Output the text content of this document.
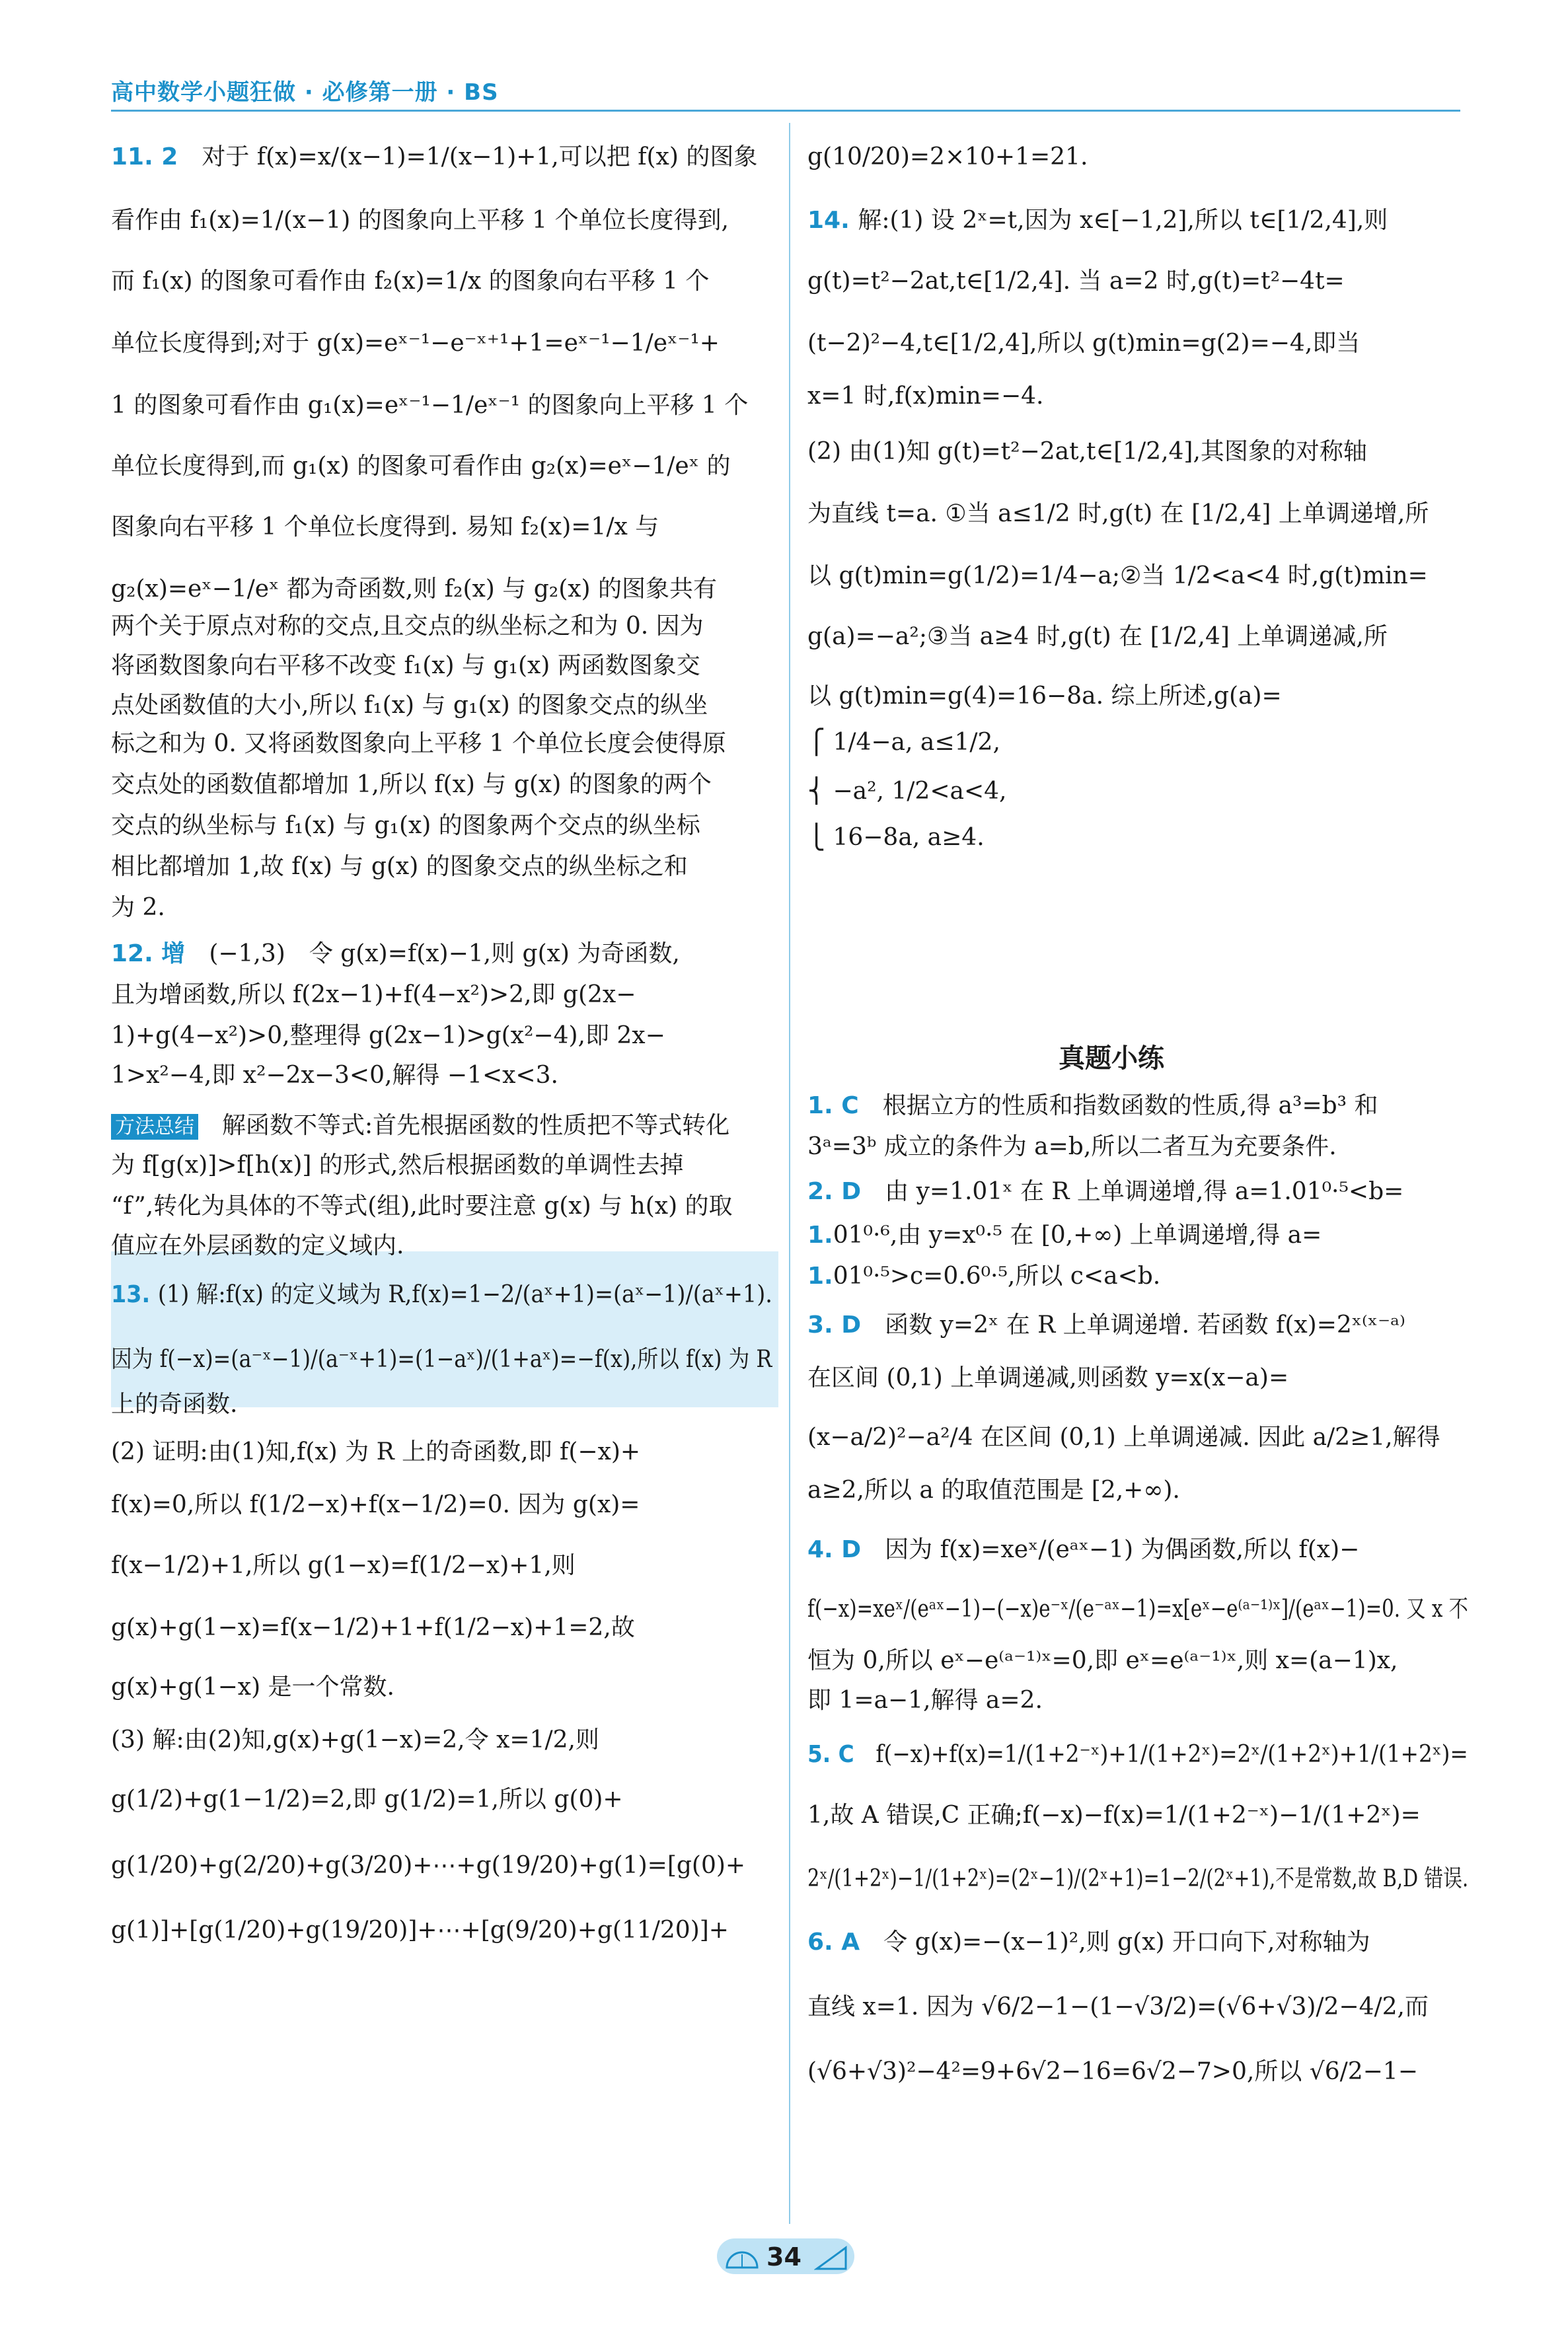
高中数学小题狂做 · 必修第一册 · BS
11. 2　对于 f(x)=x/(x−1)=1/(x−1)+1,可以把 f(x) 的图象
看作由 f₁(x)=1/(x−1) 的图象向上平移 1 个单位长度得到,
而 f₁(x) 的图象可看作由 f₂(x)=1/x 的图象向右平移 1 个
单位长度得到;对于 g(x)=eˣ⁻¹−e⁻ˣ⁺¹+1=eˣ⁻¹−1/eˣ⁻¹+
1 的图象可看作由 g₁(x)=eˣ⁻¹−1/eˣ⁻¹ 的图象向上平移 1 个
单位长度得到,而 g₁(x) 的图象可看作由 g₂(x)=eˣ−1/eˣ 的
图象向右平移 1 个单位长度得到. 易知 f₂(x)=1/x 与
g₂(x)=eˣ−1/eˣ 都为奇函数,则 f₂(x) 与 g₂(x) 的图象共有
两个关于原点对称的交点,且交点的纵坐标之和为 0. 因为
将函数图象向右平移不改变 f₁(x) 与 g₁(x) 两函数图象交
点处函数值的大小,所以 f₁(x) 与 g₁(x) 的图象交点的纵坐
标之和为 0. 又将函数图象向上平移 1 个单位长度会使得原
交点处的函数值都增加 1,所以 f(x) 与 g(x) 的图象的两个
交点的纵坐标与 f₁(x) 与 g₁(x) 的图象两个交点的纵坐标
相比都增加 1,故 f(x) 与 g(x) 的图象交点的纵坐标之和
为 2.
12. 增　(−1,3)　令 g(x)=f(x)−1,则 g(x) 为奇函数,
且为增函数,所以 f(2x−1)+f(4−x²)>2,即 g(2x−
1)+g(4−x²)>0,整理得 g(2x−1)>g(x²−4),即 2x−
1>x²−4,即 x²−2x−3<0,解得 −1<x<3.
方法总结　解函数不等式:首先根据函数的性质把不等式转化
为 f[g(x)]>f[h(x)] 的形式,然后根据函数的单调性去掉
“f”,转化为具体的不等式(组),此时要注意 g(x) 与 h(x) 的取
值应在外层函数的定义域内.
13. (1) 解:f(x) 的定义域为 R,f(x)=1−2/(aˣ+1)=(aˣ−1)/(aˣ+1).
因为 f(−x)=(a⁻ˣ−1)/(a⁻ˣ+1)=(1−aˣ)/(1+aˣ)=−f(x),所以 f(x) 为 R
上的奇函数.
(2) 证明:由(1)知,f(x) 为 R 上的奇函数,即 f(−x)+
f(x)=0,所以 f(1/2−x)+f(x−1/2)=0. 因为 g(x)=
f(x−1/2)+1,所以 g(1−x)=f(1/2−x)+1,则
g(x)+g(1−x)=f(x−1/2)+1+f(1/2−x)+1=2,故
g(x)+g(1−x) 是一个常数.
(3) 解:由(2)知,g(x)+g(1−x)=2,令 x=1/2,则
g(1/2)+g(1−1/2)=2,即 g(1/2)=1,所以 g(0)+
g(1/20)+g(2/20)+g(3/20)+⋯+g(19/20)+g(1)=[g(0)+
g(1)]+[g(1/20)+g(19/20)]+⋯+[g(9/20)+g(11/20)]+
g(10/20)=2×10+1=21.
14. 解:(1) 设 2ˣ=t,因为 x∈[−1,2],所以 t∈[1/2,4],则
g(t)=t²−2at,t∈[1/2,4]. 当 a=2 时,g(t)=t²−4t=
(t−2)²−4,t∈[1/2,4],所以 g(t)min=g(2)=−4,即当
x=1 时,f(x)min=−4.
(2) 由(1)知 g(t)=t²−2at,t∈[1/2,4],其图象的对称轴
为直线 t=a. ①当 a≤1/2 时,g(t) 在 [1/2,4] 上单调递增,所
以 g(t)min=g(1/2)=1/4−a;②当 1/2<a<4 时,g(t)min=
g(a)=−a²;③当 a≥4 时,g(t) 在 [1/2,4] 上单调递减,所
以 g(t)min=g(4)=16−8a. 综上所述,g(a)=
⎧ 1/4−a, a≤1/2,
⎨ −a², 1/2<a<4,
⎩ 16−8a, a≥4.
真题小练
1. C　根据立方的性质和指数函数的性质,得 a³=b³ 和
3ᵃ=3ᵇ 成立的条件为 a=b,所以二者互为充要条件.
2. D　由 y=1.01ˣ 在 R 上单调递增,得 a=1.01⁰·⁵<b=
1.01⁰·⁶,由 y=x⁰·⁵ 在 [0,+∞) 上单调递增,得 a=
1.01⁰·⁵>c=0.6⁰·⁵,所以 c<a<b.
3. D　函数 y=2ˣ 在 R 上单调递增. 若函数 f(x)=2ˣ⁽ˣ⁻ᵃ⁾
在区间 (0,1) 上单调递减,则函数 y=x(x−a)=
(x−a/2)²−a²/4 在区间 (0,1) 上单调递减. 因此 a/2≥1,解得
a≥2,所以 a 的取值范围是 [2,+∞).
4. D　因为 f(x)=xeˣ/(eᵃˣ−1) 为偶函数,所以 f(x)−
f(−x)=xeˣ/(eᵃˣ−1)−(−x)e⁻ˣ/(e⁻ᵃˣ−1)=x[eˣ−e⁽ᵃ⁻¹⁾ˣ]/(eᵃˣ−1)=0. 又 x 不
恒为 0,所以 eˣ−e⁽ᵃ⁻¹⁾ˣ=0,即 eˣ=e⁽ᵃ⁻¹⁾ˣ,则 x=(a−1)x,
即 1=a−1,解得 a=2.
5. C　f(−x)+f(x)=1/(1+2⁻ˣ)+1/(1+2ˣ)=2ˣ/(1+2ˣ)+1/(1+2ˣ)=
1,故 A 错误,C 正确;f(−x)−f(x)=1/(1+2⁻ˣ)−1/(1+2ˣ)=
2ˣ/(1+2ˣ)−1/(1+2ˣ)=(2ˣ−1)/(2ˣ+1)=1−2/(2ˣ+1),不是常数,故 B,D 错误.
6. A　令 g(x)=−(x−1)²,则 g(x) 开口向下,对称轴为
直线 x=1. 因为 √6/2−1−(1−√3/2)=(√6+√3)/2−4/2,而
(√6+√3)²−4²=9+6√2−16=6√2−7>0,所以 √6/2−1−
34
